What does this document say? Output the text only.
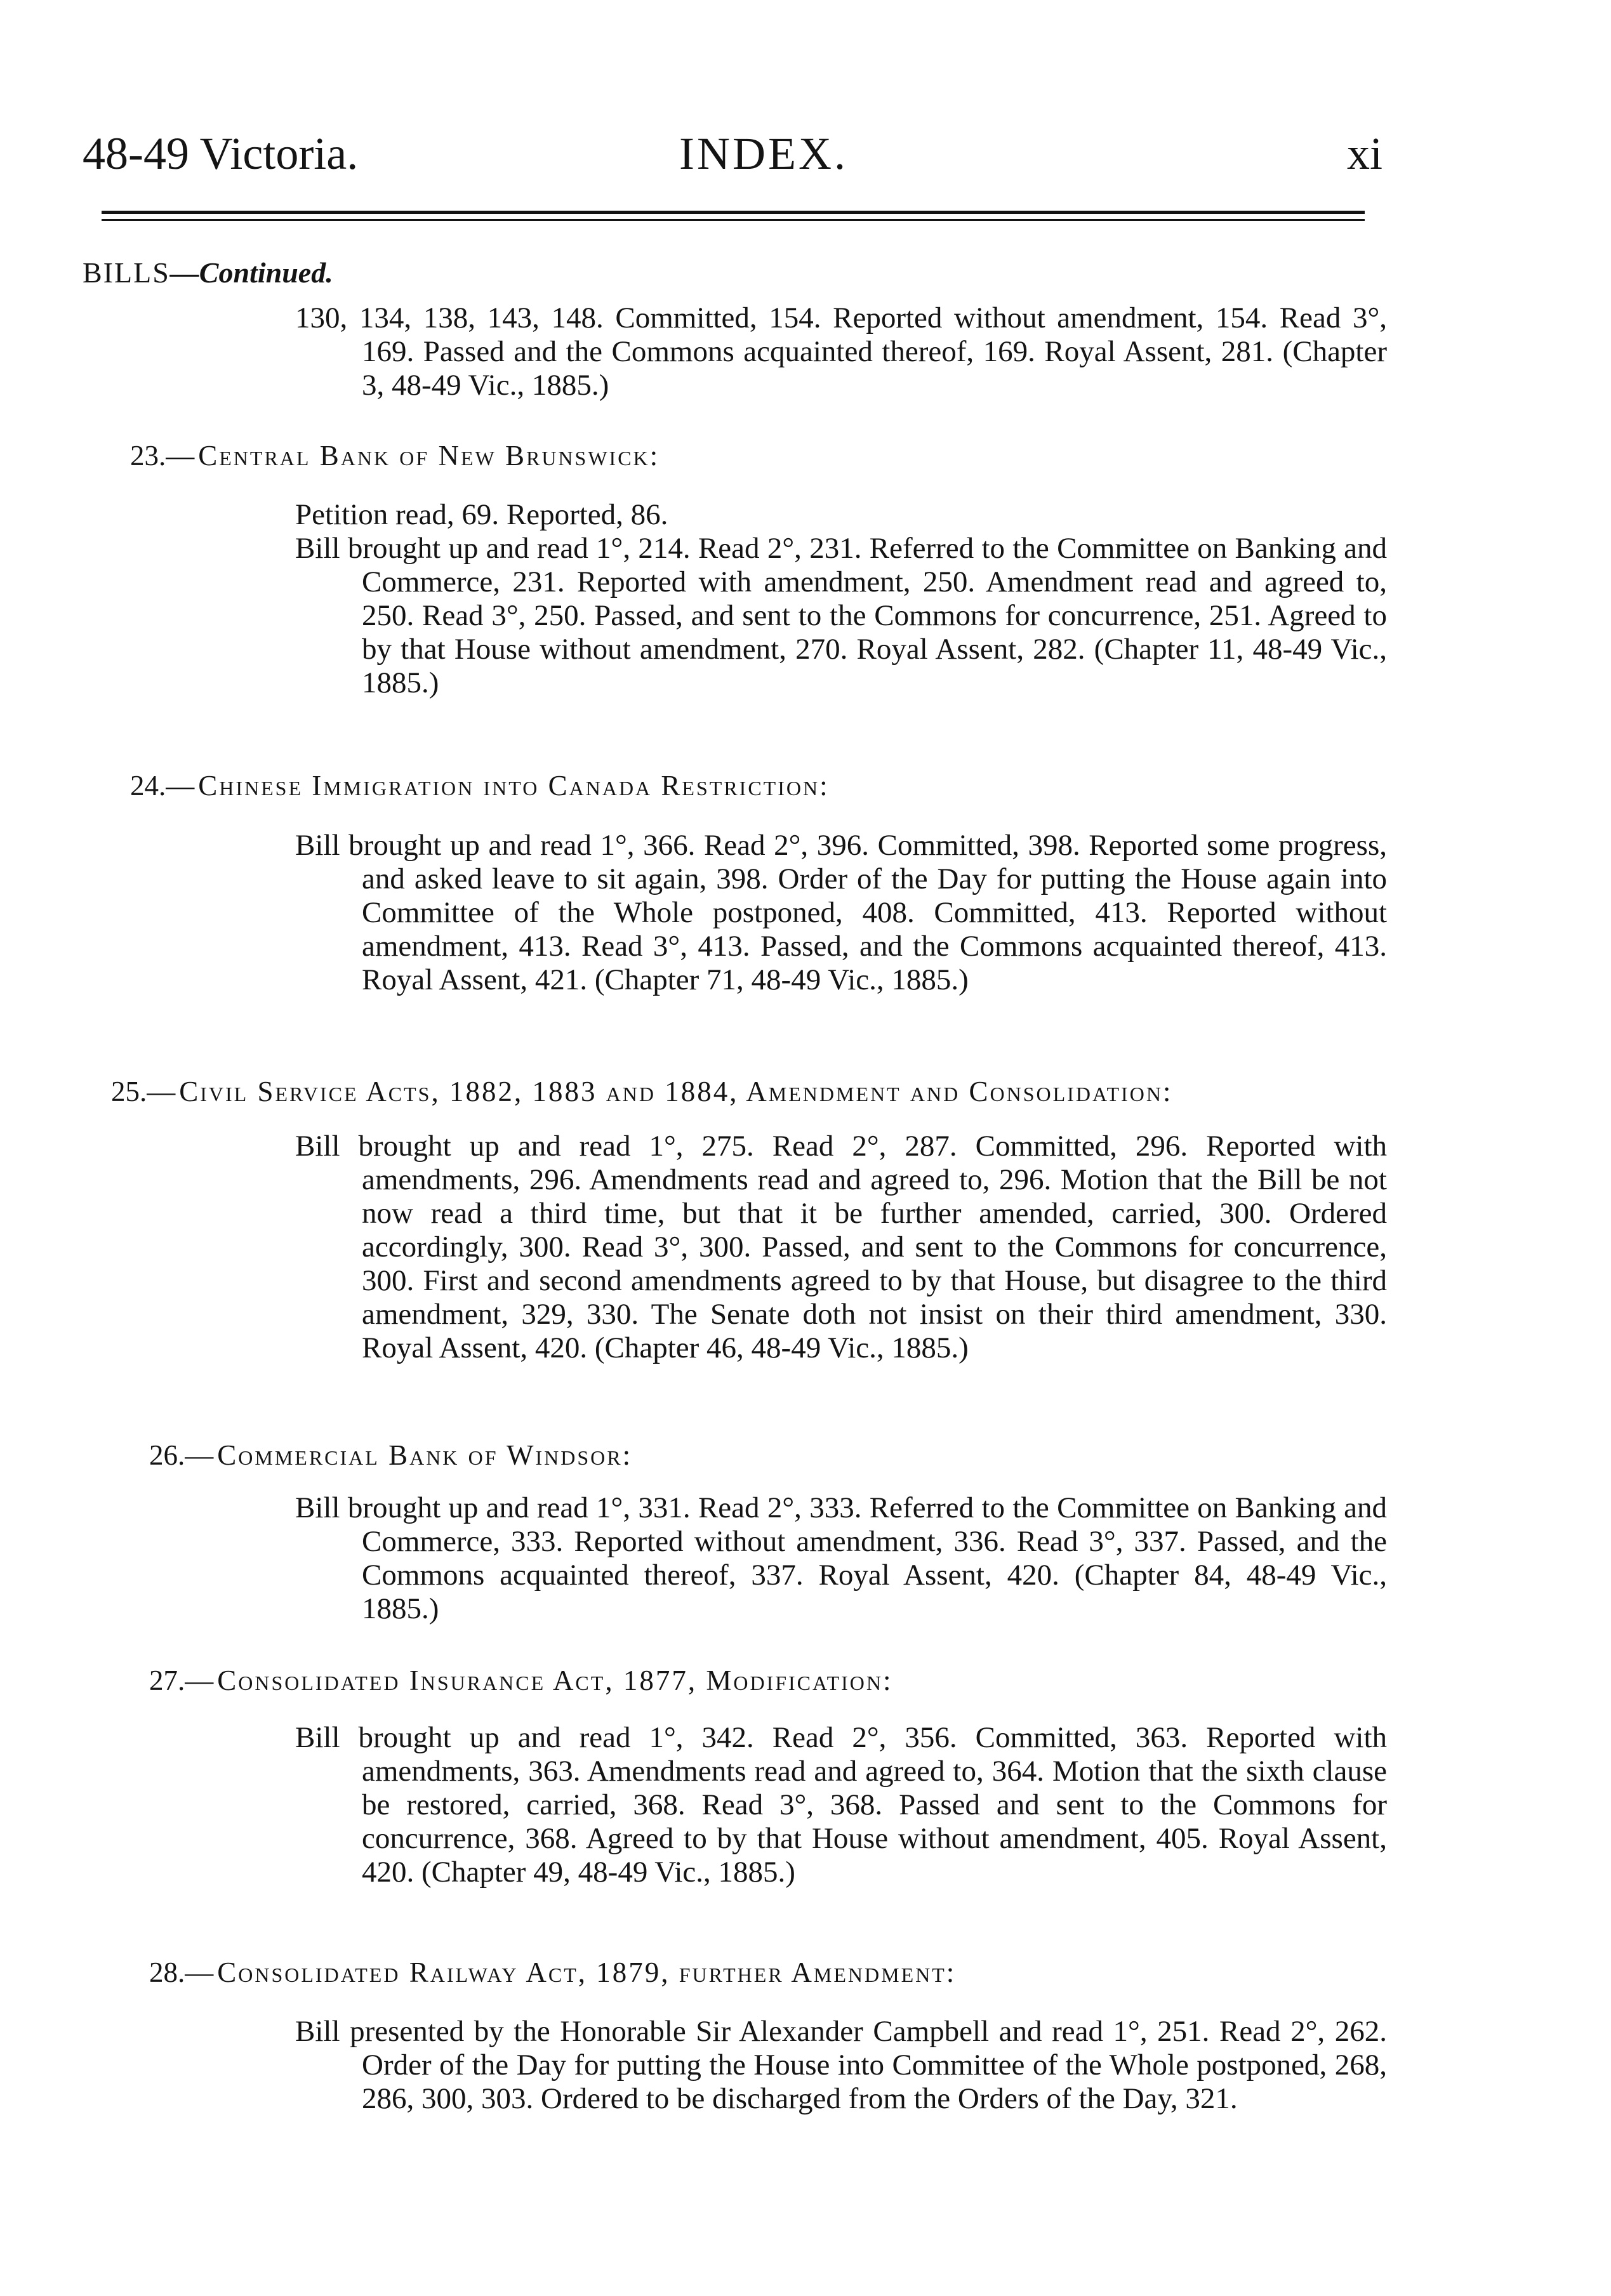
48-49 Victoria.	INDEX.	xi
BILLS—Continued.

130, 134, 138, 143, 148. Committed, 154. Reported without amendment, 154. Read 3°, 169. Passed and the Commons acquainted thereof, 169. Royal Assent, 281. (Chapter 3, 48-49 Vic., 1885.)

23.— Central Bank of New Brunswick:

Petition read, 69. Reported, 86.

Bill brought up and read 1°, 214. Read 2°, 231. Referred to the Committee on Banking and Commerce, 231. Reported with amendment, 250. Amendment read and agreed to, 250. Read 3°, 250. Passed, and sent to the Commons for concurrence, 251. Agreed to by that House without amendment, 270. Royal Assent, 282. (Chapter 11, 48-49 Vic., 1885.)

24.— Chinese Immigration into Canada Restriction:

Bill brought up and read 1°, 366. Read 2°, 396. Committed, 398. Reported some progress, and asked leave to sit again, 398. Order of the Day for putting the House again into Committee of the Whole postponed, 408. Committed, 413. Reported without amendment, 413. Read 3°, 413. Passed, and the Commons acquainted thereof, 413. Royal Assent, 421. (Chapter 71, 48-49 Vic., 1885.)

25.— Civil Service Acts, 1882, 1883 and 1884, Amendment and Consolidation:

Bill brought up and read 1°, 275. Read 2°, 287. Committed, 296. Reported with amendments, 296. Amendments read and agreed to, 296. Motion that the Bill be not now read a third time, but that it be further amended, carried, 300. Ordered accordingly, 300. Read 3°, 300. Passed, and sent to the Commons for concurrence, 300. First and second amendments agreed to by that House, but disagree to the third amendment, 329, 330. The Senate doth not insist on their third amendment, 330. Royal Assent, 420. (Chapter 46, 48-49 Vic., 1885.)

26.— Commercial Bank of Windsor:

Bill brought up and read 1°, 331. Read 2°, 333. Referred to the Committee on Banking and Commerce, 333. Reported without amendment, 336. Read 3°, 337. Passed, and the Commons acquainted thereof, 337. Royal Assent, 420. (Chapter 84, 48-49 Vic., 1885.)

27.— Consolidated Insurance Act, 1877, Modification:

Bill brought up and read 1°, 342. Read 2°, 356. Committed, 363. Reported with amendments, 363. Amendments read and agreed to, 364. Motion that the sixth clause be restored, carried, 368. Read 3°, 368. Passed and sent to the Commons for concurrence, 368. Agreed to by that House without amendment, 405. Royal Assent, 420. (Chapter 49, 48-49 Vic., 1885.)

28.— Consolidated Railway Act, 1879, further Amendment:

Bill presented by the Honorable Sir Alexander Campbell and read 1°, 251. Read 2°, 262. Order of the Day for putting the House into Committee of the Whole postponed, 268, 286, 300, 303. Ordered to be discharged from the Orders of the Day, 321.
